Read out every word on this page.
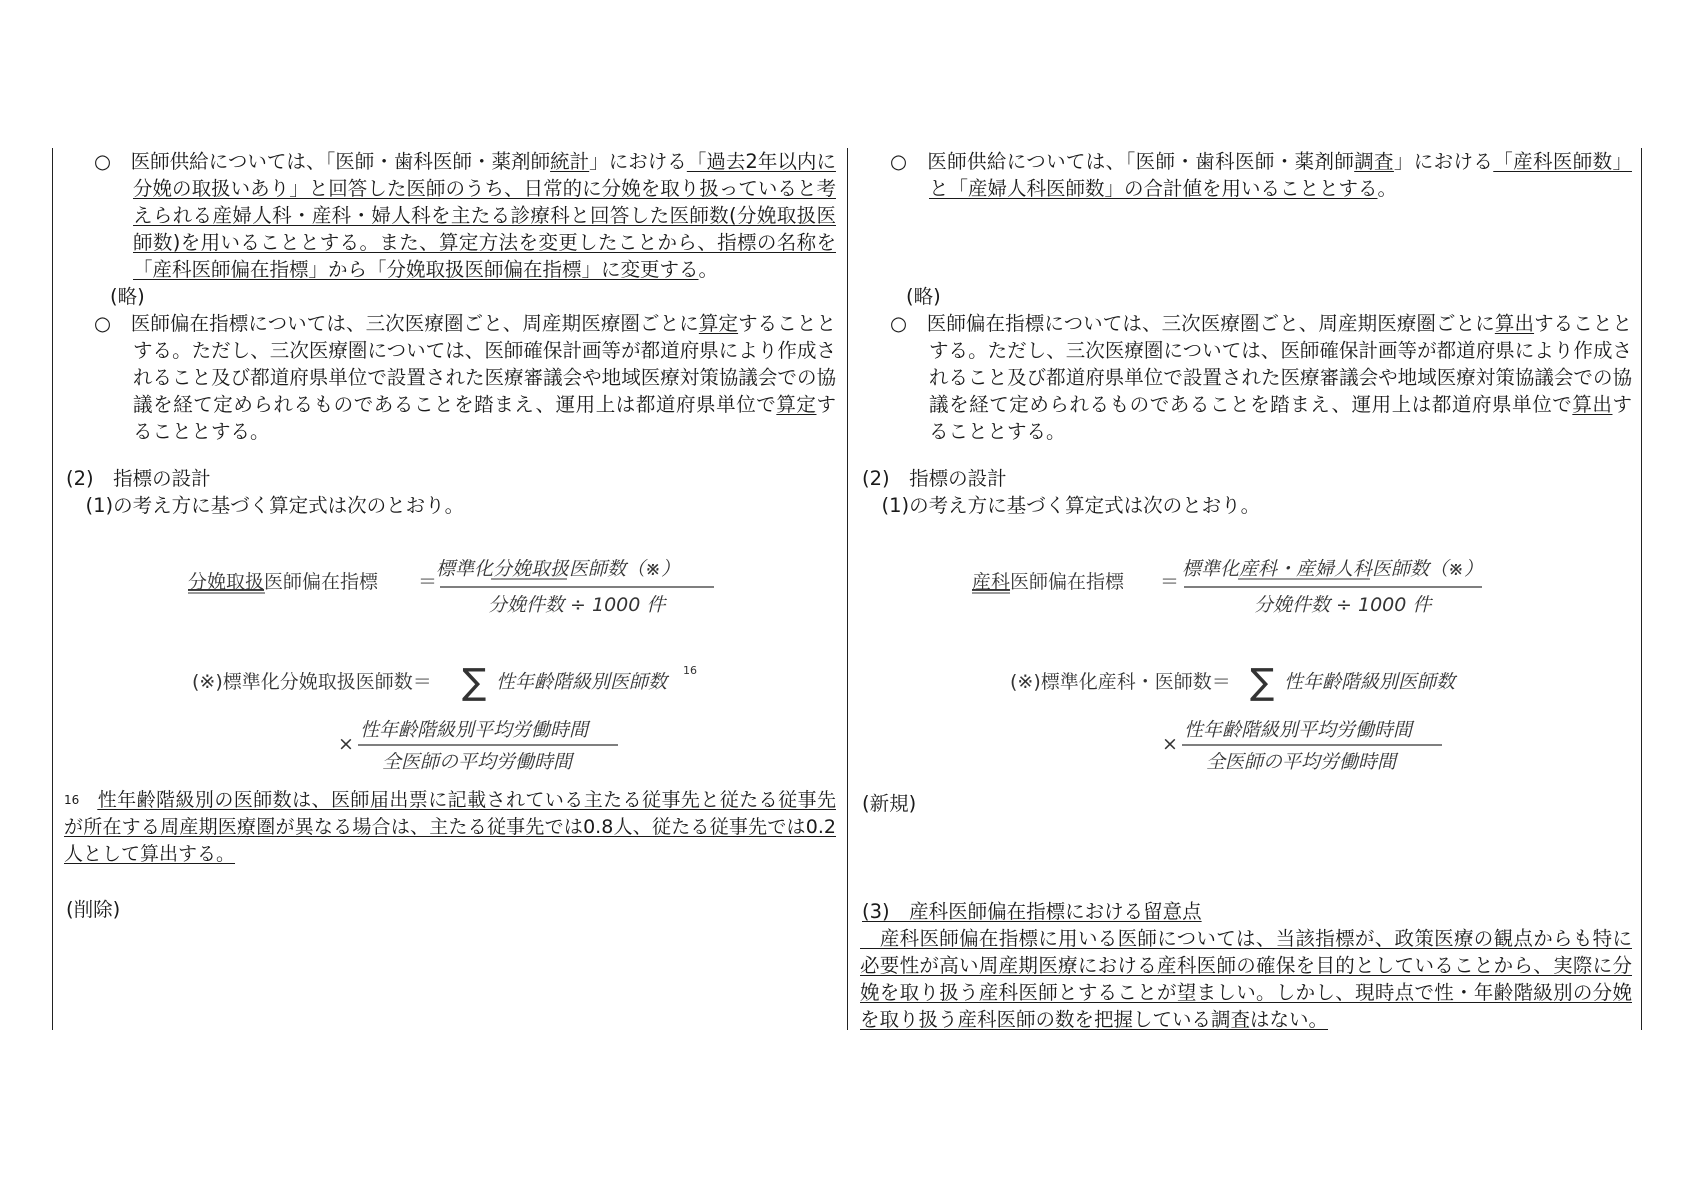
○　医師供給については、「医師・歯科医師・薬剤師統計」における「過去2年以内に分娩の取扱いあり」と回答した医師のうち、日常的に分娩を取り扱っていると考えられる産婦人科・産科・婦人科を主たる診療科と回答した医師数(分娩取扱医師数)を用いることとする。また、算定方法を変更したことから、指標の名称を「産科医師偏在指標」から「分娩取扱医師偏在指標」に変更する。

(略)

○　医師偏在指標については、三次医療圏ごと、周産期医療圏ごとに算定することとする。ただし、三次医療圏については、医師確保計画等が都道府県により作成されること及び都道府県単位で設置された医療審議会や地域医療対策協議会での協議を経て定められるものであることを踏まえ、運用上は都道府県単位で算定することとする。

(2)　指標の設計

　(1)の考え方に基づく算定式は次のとおり。

分娩取扱医師偏在指標 ＝
標準化分娩取扱医師数（※）
分娩件数 ÷ 1000 件
(※)標準化分娩取扱医師数＝ ∑ 性年齢階級別医師数
16
×
性年齢階級別平均労働時間
全医師の平均労働時間

$^{16}$ 性年齢階級別の医師数は、医師届出票に記載されている主たる従事先と従たる従事先が所在する周産期医療圏が異なる場合は、主たる従事先では0.8人、従たる従事先では0.2人として算出する。

(削除)

○　医師供給については、「医師・歯科医師・薬剤師調査」における「産科医師数」と「産婦人科医師数」の合計値を用いることとする。

(略)

○　医師偏在指標については、三次医療圏ごと、周産期医療圏ごとに算出することとする。ただし、三次医療圏については、医師確保計画等が都道府県により作成されること及び都道府県単位で設置された医療審議会や地域医療対策協議会での協議を経て定められるものであることを踏まえ、運用上は都道府県単位で算出することとする。

(2)　指標の設計

　(1)の考え方に基づく算定式は次のとおり。

産科医師偏在指標 ＝
標準化産科・産婦人科医師数（※）
分娩件数 ÷ 1000 件
(※)標準化産科・医師数＝ ∑ 性年齢階級別医師数
×
性年齢階級別平均労働時間
全医師の平均労働時間

(新規)

(3)　産科医師偏在指標における留意点

　産科医師偏在指標に用いる医師については、当該指標が、政策医療の観点からも特に必要性が高い周産期医療における産科医師の確保を目的としていることから、実際に分娩を取り扱う産科医師とすることが望ましい。しかし、現時点で性・年齢階級別の分娩を取り扱う産科医師の数を把握している調査はない。
